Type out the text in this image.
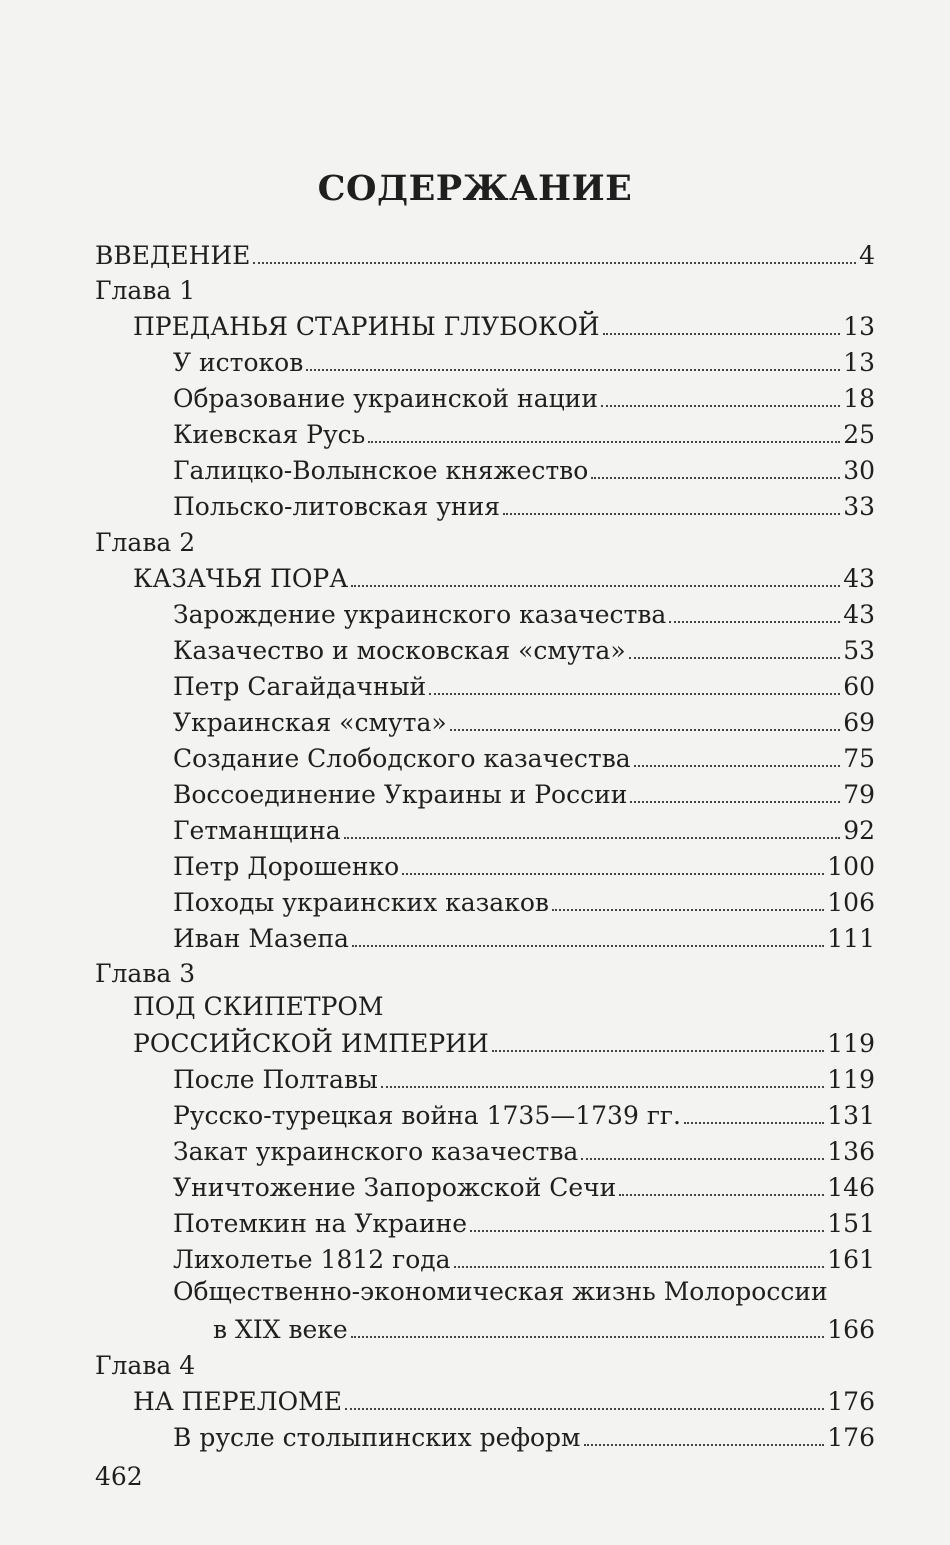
СОДЕРЖАНИЕ
ВВЕДЕНИЕ	4
Глава 1
ПРЕДАНЬЯ СТАРИНЫ ГЛУБОКОЙ	13
У истоков	13
Образование украинской нации	18
Киевская Русь	25
Галицко-Волынское княжество	30
Польско-литовская уния	33
Глава 2
КАЗАЧЬЯ ПОРА	43
Зарождение украинского казачества	43
Казачество и московская «смута»	53
Петр Сагайдачный	60
Украинская «смута»	69
Создание Слободского казачества	75
Воссоединение Украины и России	79
Гетманщина	92
Петр Дорошенко	100
Походы украинских казаков	106
Иван Мазепа	111
Глава 3
ПОД СКИПЕТРОМ
РОССИЙСКОЙ ИМПЕРИИ	119
После Полтавы	119
Русско-турецкая война 1735—1739 гг.	131
Закат украинского казачества	136
Уничтожение Запорожской Сечи	146
Потемкин на Украине	151
Лихолетье 1812 года	161
Общественно-экономическая жизнь Молороссии
в XIX веке	166
Глава 4
НА ПЕРЕЛОМЕ	176
В русле столыпинских реформ	176
462
